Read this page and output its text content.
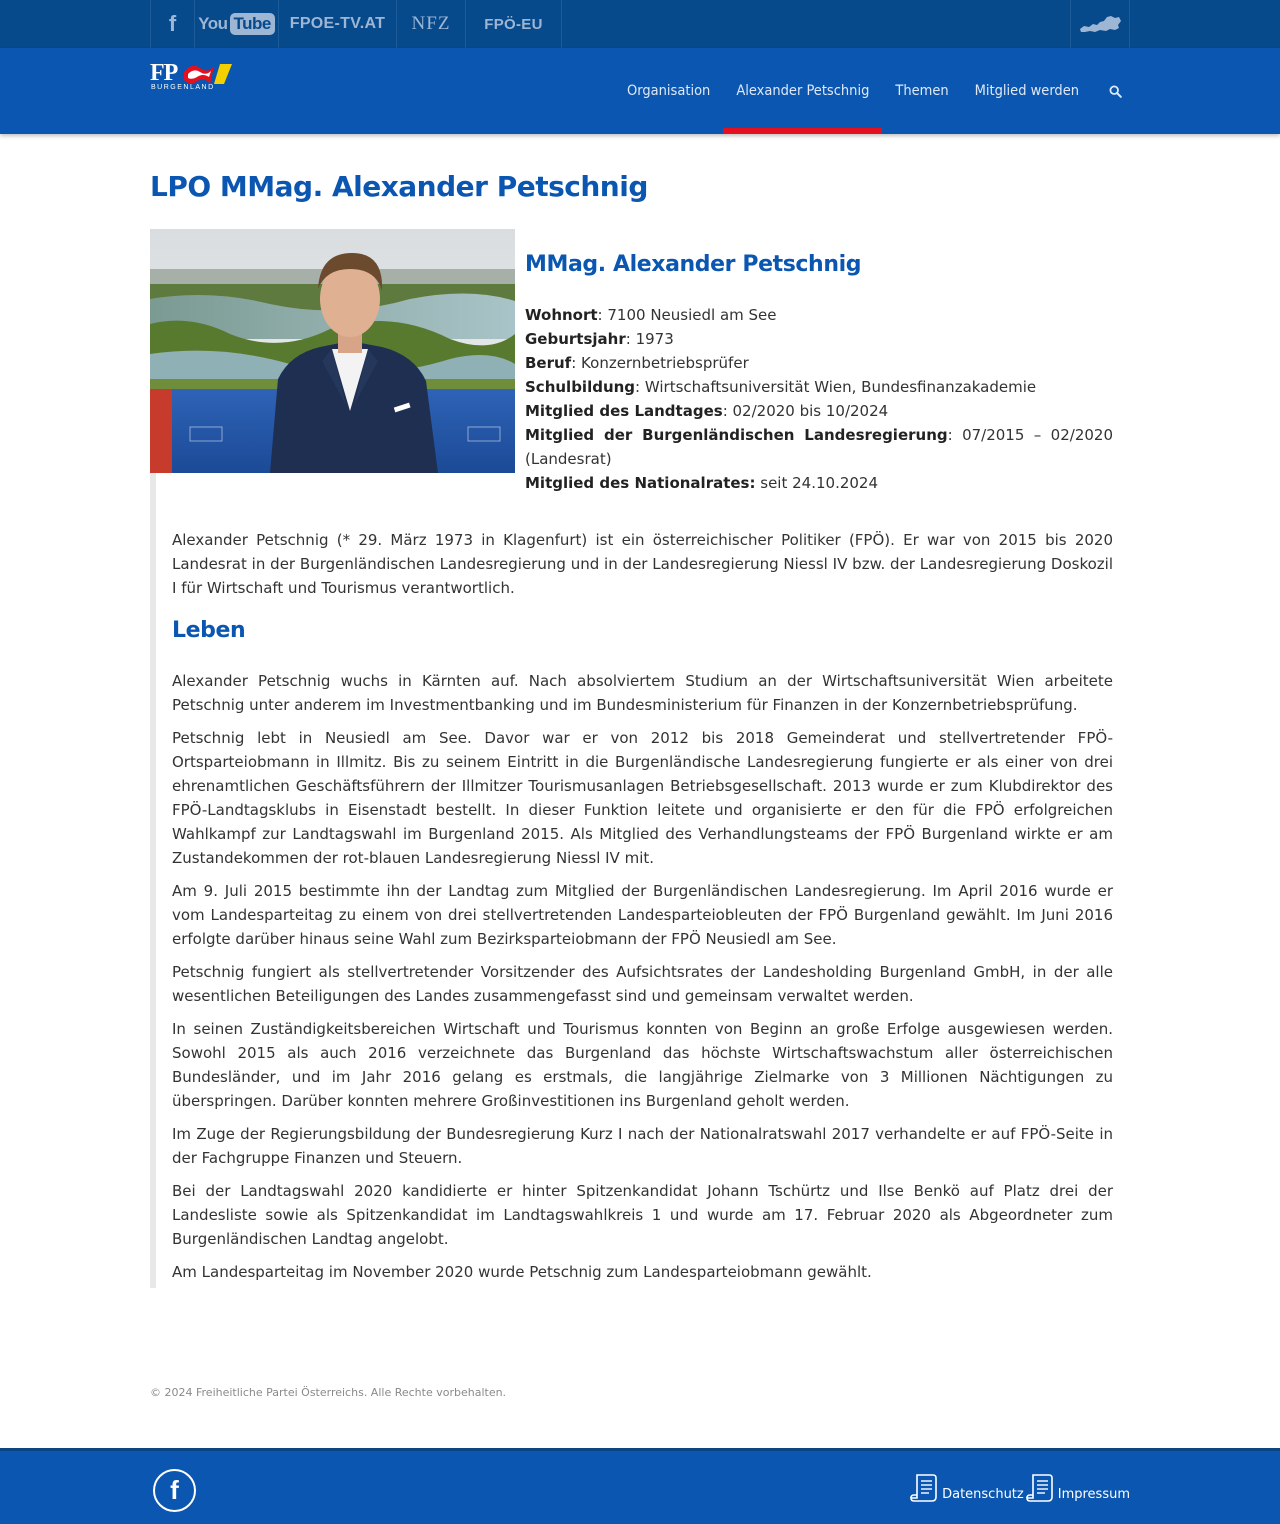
f You Tube	FPOE-TV.AT	NFZ	FPÖ-EU
FP
BURGENLAND	Organisation	Alexander Petschnig	Themen	Mitglied werden
LPO MMag. Alexander Petschnig
MMag. Alexander Petschnig
Wohnort: 7100 Neusiedl am See
Geburtsjahr: 1973
Beruf: Konzernbetriebsprüfer
Schulbildung: Wirtschaftsuniversität Wien, Bundesfinanzakademie
Mitglied des Landtages: 02/2020 bis 10/2024
Mitglied der Burgenländischen Landesregierung: 07/2015 – 02/2020 (Landesrat)
Mitglied des Nationalrates: seit 24.10.2024

Alexander Petschnig (* 29. März 1973 in Klagenfurt) ist ein österreichischer Politiker (FPÖ). Er war von 2015 bis 2020 Landesrat in der Burgenländischen Landesregierung und in der Landesregierung Niessl IV bzw. der Landesregierung Doskozil I für Wirtschaft und Tourismus verantwortlich.

Leben

Alexander Petschnig wuchs in Kärnten auf. Nach absolviertem Studium an der Wirtschaftsuniversität Wien arbeitete Petschnig unter anderem im Investmentbanking und im Bundesministerium für Finanzen in der Konzernbetriebsprüfung.

Petschnig lebt in Neusiedl am See. Davor war er von 2012 bis 2018 Gemeinderat und stellvertretender FPÖ-Ortsparteiobmann in Illmitz. Bis zu seinem Eintritt in die Burgenländische Landesregierung fungierte er als einer von drei ehrenamtlichen Geschäftsführern der Illmitzer Tourismusanlagen Betriebsgesellschaft. 2013 wurde er zum Klubdirektor des FPÖ-Landtagsklubs in Eisenstadt bestellt. In dieser Funktion leitete und organisierte er den für die FPÖ erfolgreichen Wahlkampf zur Landtagswahl im Burgenland 2015. Als Mitglied des Verhandlungsteams der FPÖ Burgenland wirkte er am Zustandekommen der rot-blauen Landesregierung Niessl IV mit.

Am 9. Juli 2015 bestimmte ihn der Landtag zum Mitglied der Burgenländischen Landesregierung. Im April 2016 wurde er vom Landesparteitag zu einem von drei stellvertretenden Landesparteiobleuten der FPÖ Burgenland gewählt. Im Juni 2016 erfolgte darüber hinaus seine Wahl zum Bezirksparteiobmann der FPÖ Neusiedl am See.

Petschnig fungiert als stellvertretender Vorsitzender des Aufsichtsrates der Landesholding Burgenland GmbH, in der alle wesentlichen Beteiligungen des Landes zusammengefasst sind und gemeinsam verwaltet werden.

In seinen Zuständigkeitsbereichen Wirtschaft und Tourismus konnten von Beginn an große Erfolge ausgewiesen werden. Sowohl 2015 als auch 2016 verzeichnete das Burgenland das höchste Wirtschaftswachstum aller österreichischen Bundesländer, und im Jahr 2016 gelang es erstmals, die langjährige Zielmarke von 3 Millionen Nächtigungen zu überspringen. Darüber konnten mehrere Großinvestitionen ins Burgenland geholt werden.

Im Zuge der Regierungsbildung der Bundesregierung Kurz I nach der Nationalratswahl 2017 verhandelte er auf FPÖ-Seite in der Fachgruppe Finanzen und Steuern.

Bei der Landtagswahl 2020 kandidierte er hinter Spitzenkandidat Johann Tschürtz und Ilse Benkö auf Platz drei der Landesliste sowie als Spitzenkandidat im Landtagswahlkreis 1 und wurde am 17. Februar 2020 als Abgeordneter zum Burgenländischen Landtag angelobt.

Am Landesparteitag im November 2020 wurde Petschnig zum Landesparteiobmann gewählt.

© 2024 Freiheitliche Partei Österreichs. Alle Rechte vorbehalten.
f	Datenschutz	Impressum
